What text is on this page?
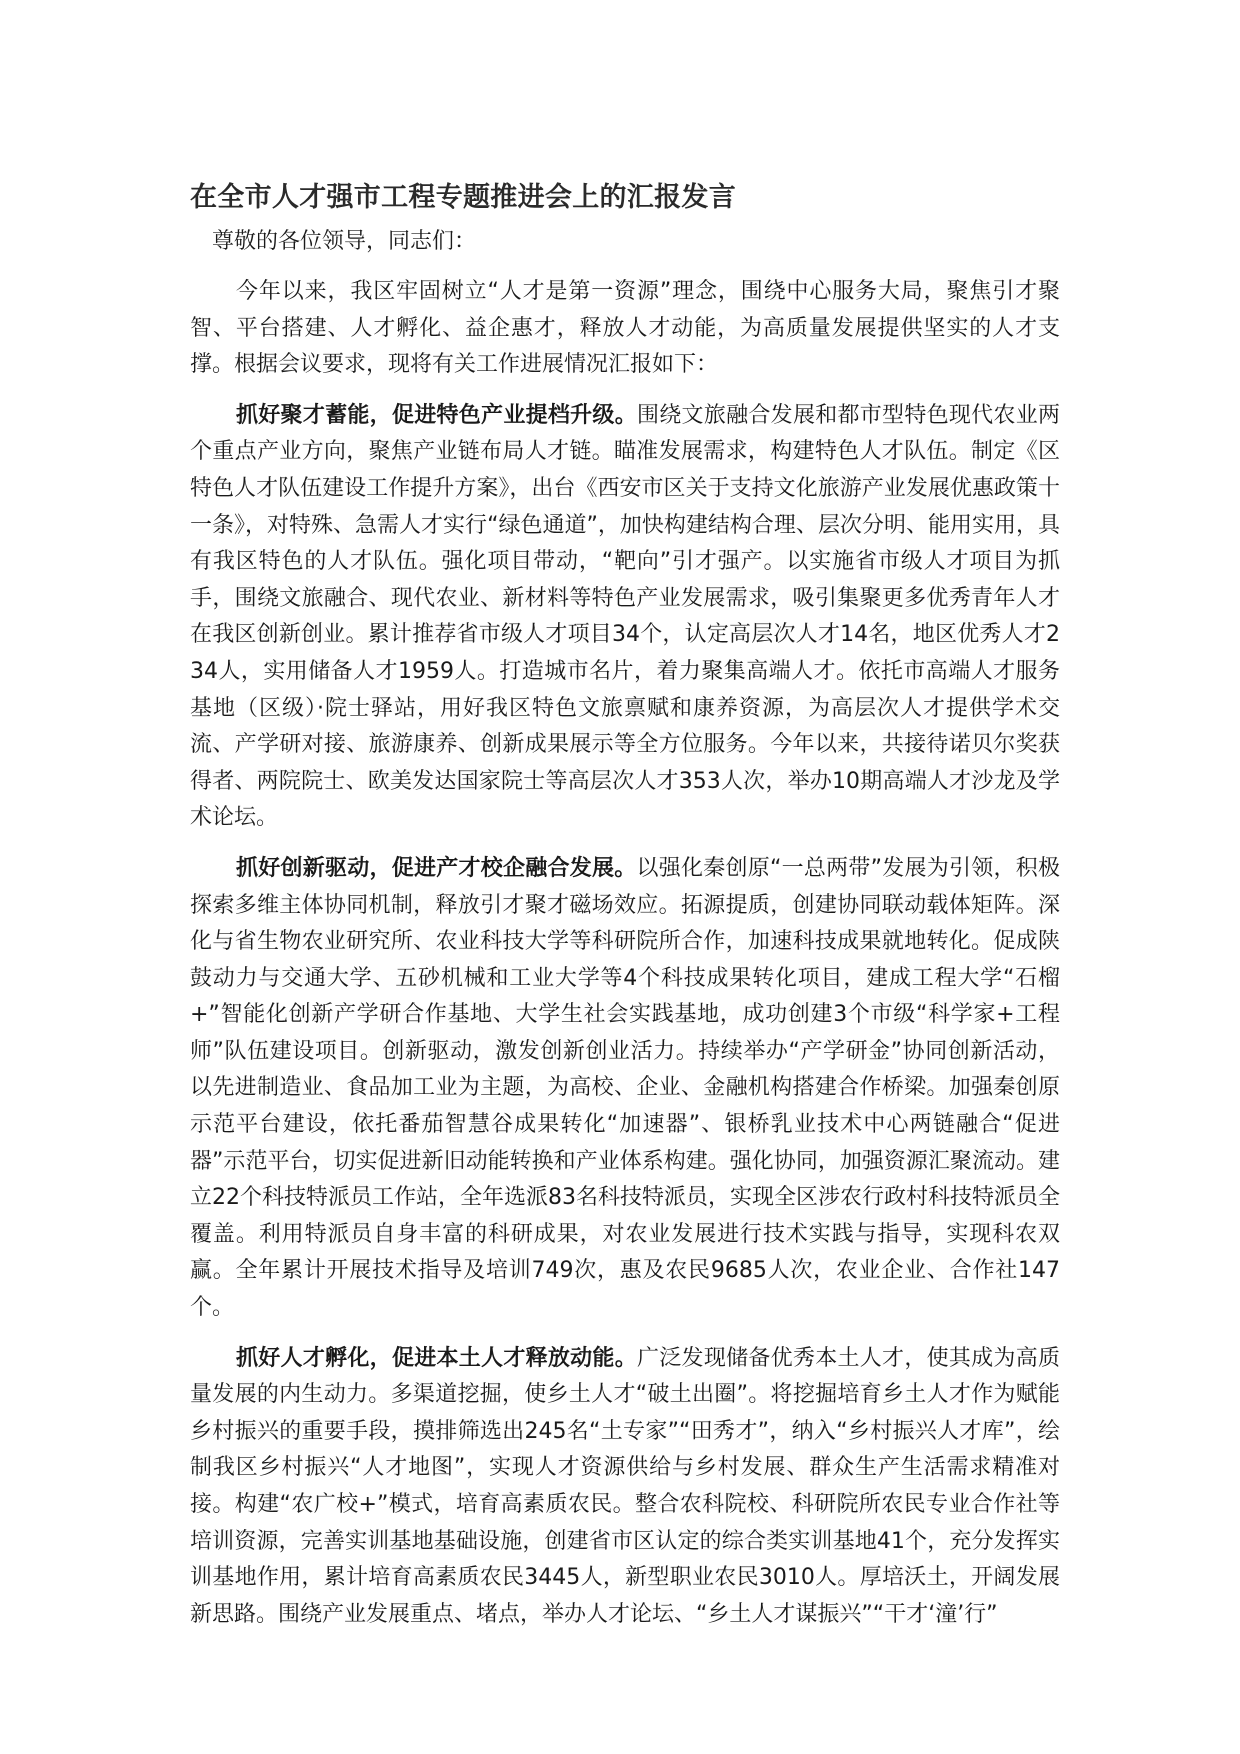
在全市人才强市工程专题推进会上的汇报发言

尊敬的各位领导，同志们：

今年以来，我区牢固树立“人才是第一资源”理念，围绕中心服务大局，聚焦引才聚智、平台搭建、人才孵化、益企惠才，释放人才动能，为高质量发展提供坚实的人才支撑。根据会议要求，现将有关工作进展情况汇报如下：

抓好聚才蓄能，促进特色产业提档升级。围绕文旅融合发展和都市型特色现代农业两个重点产业方向，聚焦产业链布局人才链。瞄准发展需求，构建特色人才队伍。制定《区特色人才队伍建设工作提升方案》，出台《西安市区关于支持文化旅游产业发展优惠政策十一条》，对特殊、急需人才实行“绿色通道”，加快构建结构合理、层次分明、能用实用，具有我区特色的人才队伍。强化项目带动，“靶向”引才强产。以实施省市级人才项目为抓手，围绕文旅融合、现代农业、新材料等特色产业发展需求，吸引集聚更多优秀青年人才在我区创新创业。累计推荐省市级人才项目34个，认定高层次人才14名，地区优秀人才234人，实用储备人才1959人。打造城市名片，着力聚集高端人才。依托市高端人才服务基地（区级）·院士驿站，用好我区特色文旅禀赋和康养资源，为高层次人才提供学术交流、产学研对接、旅游康养、创新成果展示等全方位服务。今年以来，共接待诺贝尔奖获得者、两院院士、欧美发达国家院士等高层次人才353人次，举办10期高端人才沙龙及学术论坛。

抓好创新驱动，促进产才校企融合发展。以强化秦创原“一总两带”发展为引领，积极探索多维主体协同机制，释放引才聚才磁场效应。拓源提质，创建协同联动载体矩阵。深化与省生物农业研究所、农业科技大学等科研院所合作，加速科技成果就地转化。促成陕鼓动力与交通大学、五砂机械和工业大学等4个科技成果转化项目，建成工程大学“石榴+”智能化创新产学研合作基地、大学生社会实践基地，成功创建3个市级“科学家+工程师”队伍建设项目。创新驱动，激发创新创业活力。持续举办“产学研金”协同创新活动，以先进制造业、食品加工业为主题，为高校、企业、金融机构搭建合作桥梁。加强秦创原示范平台建设，依托番茄智慧谷成果转化“加速器”、银桥乳业技术中心两链融合“促进器”示范平台，切实促进新旧动能转换和产业体系构建。强化协同，加强资源汇聚流动。建立22个科技特派员工作站，全年选派83名科技特派员，实现全区涉农行政村科技特派员全覆盖。利用特派员自身丰富的科研成果，对农业发展进行技术实践与指导，实现科农双赢。全年累计开展技术指导及培训749次，惠及农民9685人次，农业企业、合作社147个。

抓好人才孵化，促进本土人才释放动能。广泛发现储备优秀本土人才，使其成为高质量发展的内生动力。多渠道挖掘，使乡土人才“破土出圈”。将挖掘培育乡土人才作为赋能乡村振兴的重要手段，摸排筛选出245名“土专家”“田秀才”，纳入“乡村振兴人才库”，绘制我区乡村振兴“人才地图”，实现人才资源供给与乡村发展、群众生产生活需求精准对接。构建“农广校+”模式，培育高素质农民。整合农科院校、科研院所农民专业合作社等培训资源，完善实训基地基础设施，创建省市区认定的综合类实训基地41个，充分发挥实训基地作用，累计培育高素质农民3445人，新型职业农民3010人。厚培沃土，开阔发展新思路。围绕产业发展重点、堵点，举办人才论坛、“乡土人才谋振兴”“干才‘潼’行”
